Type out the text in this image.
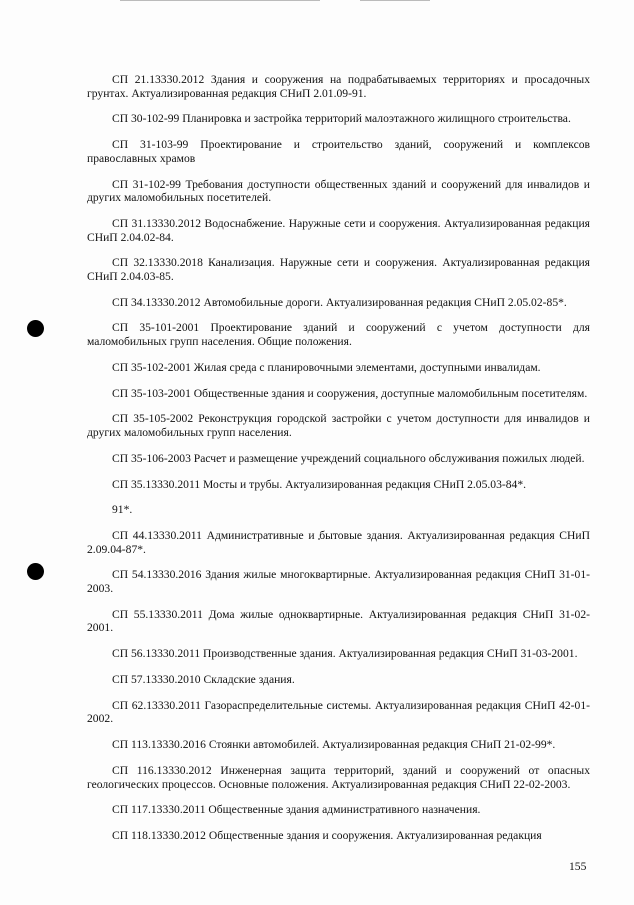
СП 21.13330.2012 Здания и сооружения на подрабатываемых территориях и просадочных грунтах. Актуализированная редакция СНиП 2.01.09-91.

СП 30-102-99 Планировка и застройка территорий малоэтажного жилищного строительства.

СП 31-103-99 Проектирование и строительство зданий, сооружений и комплексов православных храмов

СП 31-102-99 Требования доступности общественных зданий и сооружений для инвалидов и других маломобильных посетителей.

СП 31.13330.2012 Водоснабжение. Наружные сети и сооружения. Актуализированная редакция СНиП 2.04.02-84.

СП 32.13330.2018 Канализация. Наружные сети и сооружения. Актуализированная редакция СНиП 2.04.03-85.

СП 34.13330.2012 Автомобильные дороги. Актуализированная редакция СНиП 2.05.02-85*.

СП 35-101-2001 Проектирование зданий и сооружений с учетом доступности для маломобильных групп населения. Общие положения.

СП 35-102-2001 Жилая среда с планировочными элементами, доступными инвалидам.

СП 35-103-2001 Общественные здания и сооружения, доступные маломобильным посетителям.

СП 35-105-2002 Реконструкция городской застройки с учетом доступности для инвалидов и других маломобильных групп населения.

СП 35-106-2003 Расчет и размещение учреждений социального обслуживания пожилых людей.

СП 35.13330.2011 Мосты и трубы. Актуализированная редакция СНиП 2.05.03-84*.

91*.

СП 44.13330.2011 Административные и бытовые здания. Актуализированная редакция СНиП 2.09.04-87*.

СП 54.13330.2016 Здания жилые многоквартирные. Актуализированная редакция СНиП 31-01-2003.

СП 55.13330.2011 Дома жилые одноквартирные. Актуализированная редакция СНиП 31-02-2001.

СП 56.13330.2011 Производственные здания. Актуализированная редакция СНиП 31-03-2001.

СП 57.13330.2010 Складские здания.

СП 62.13330.2011 Газораспределительные системы. Актуализированная редакция СНиП 42-01-2002.

СП 113.13330.2016 Стоянки автомобилей. Актуализированная редакция СНиП 21-02-99*.

СП 116.13330.2012 Инженерная защита территорий, зданий и сооружений от опасных геологических процессов. Основные положения. Актуализированная редакция СНиП 22-02-2003.

СП 117.13330.2011 Общественные здания административного назначения.

СП 118.13330.2012 Общественные здания и сооружения. Актуализированная редакция

155
